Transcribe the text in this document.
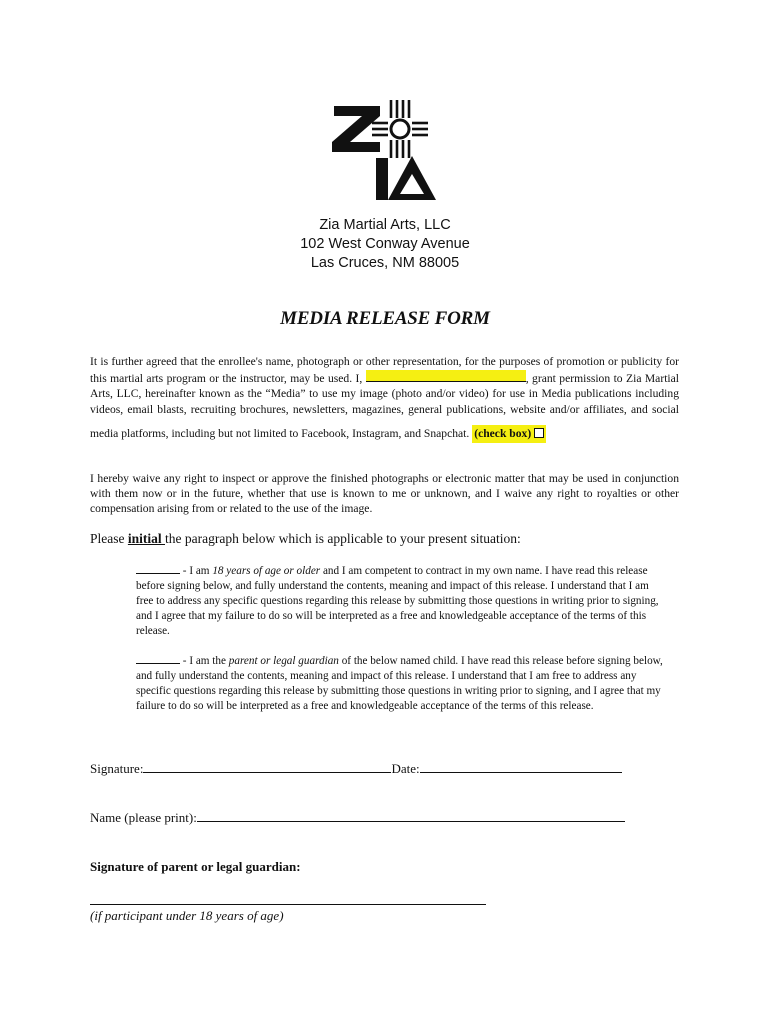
Zia Martial Arts, LLC
102 West Conway Avenue
Las Cruces, NM 88005
MEDIA RELEASE FORM
It is further agreed that the enrollee's name, photograph or other representation, for the purposes of promotion or publicity for this martial arts program or the instructor, may be used. I,	, grant permission to Zia Martial Arts, LLC, hereinafter known as the “Media” to use my image (photo and/or video) for use in Media publications including videos, email blasts, recruiting brochures, newsletters, magazines, general publications, website and/or affiliates, and social media platforms, including but not limited to Facebook, Instagram, and Snapchat. (check box)
I hereby waive any right to inspect or approve the finished photographs or electronic matter that may be used in conjunction with them now or in the future, whether that use is known to me or unknown, and I waive any right to royalties or other compensation arising from or related to the use of the image.
Please initial the paragraph below which is applicable to your present situation:
- I am 18 years of age or older and I am competent to contract in my own name. I have read this release before signing below, and fully understand the contents, meaning and impact of this release. I understand that I am free to address any specific questions regarding this release by submitting those questions in writing prior to signing, and I agree that my failure to do so will be interpreted as a free and knowledgeable acceptance of the terms of this release.
- I am the parent or legal guardian of the below named child. I have read this release before signing below, and fully understand the contents, meaning and impact of this release. I understand that I am free to address any specific questions regarding this release by submitting those questions in writing prior to signing, and I agree that my failure to do so will be interpreted as a free and knowledgeable acceptance of the terms of this release.
Signature:	Date:
Name (please print):
Signature of parent or legal guardian:
(if participant under 18 years of age)
